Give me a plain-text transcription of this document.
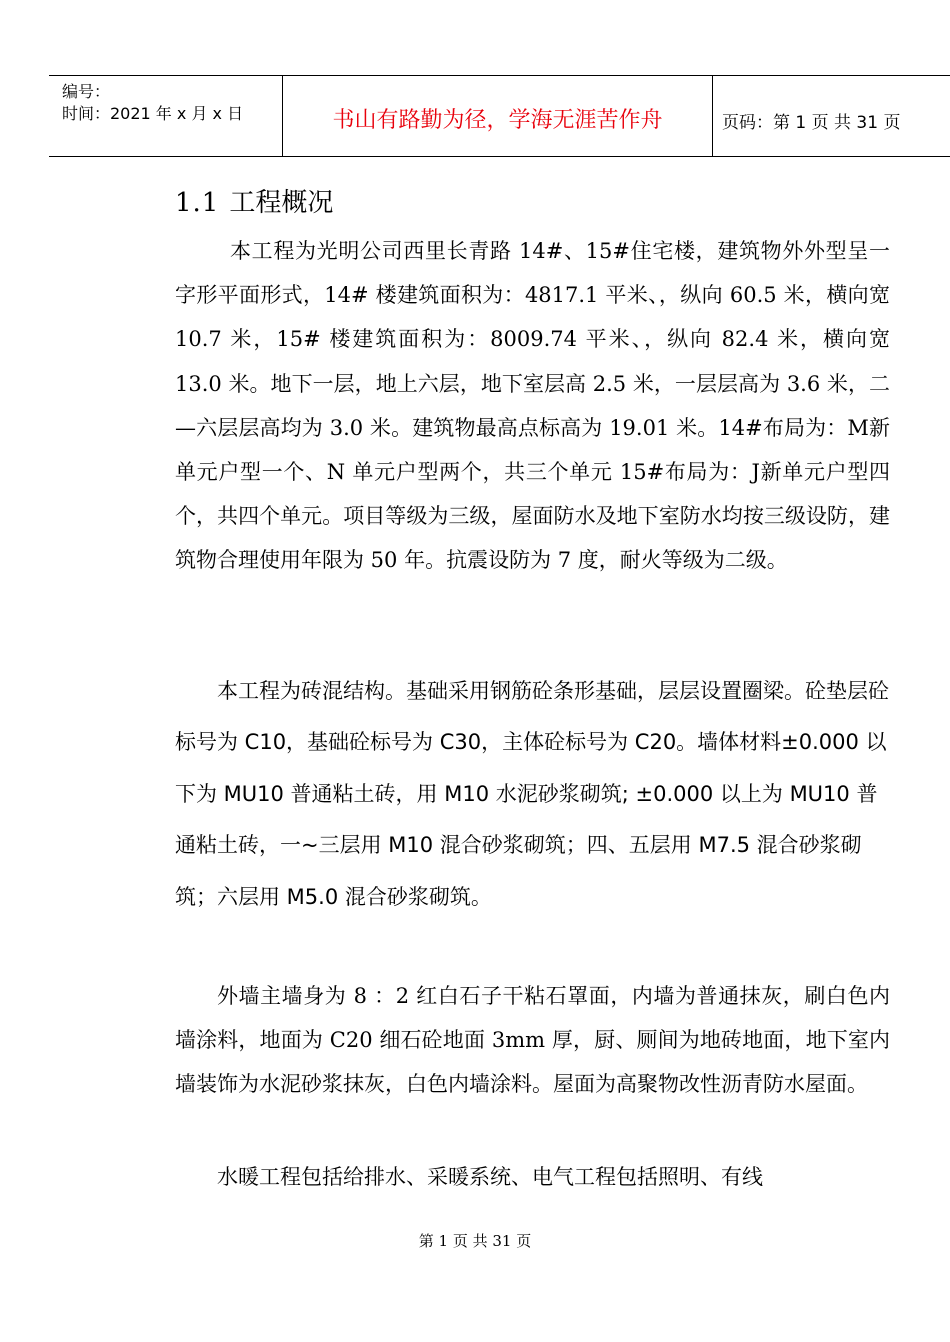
编号：
时间：2021 年 x 月 x 日	书山有路勤为径，学海无涯苦作舟	页码：第 1 页 共 31 页
1.1 工程概况

本工程为光明公司西里长青路 14#、15#住宅楼，建筑物外外型呈一字形平面形式，14# 楼建筑面积为：4817.1 平米、，纵向 60.5 米，横向宽 10.7 米，15# 楼建筑面积为：8009.74 平米、，纵向 82.4 米，横向宽 13.0 米。地下一层，地上六层，地下室层高 2.5 米，一层层高为 3.6 米，二—六层层高均为 3.0 米。建筑物最高点标高为 19.01 米。14#布局为：M新单元户型一个、N 单元户型两个，共三个单元 15#布局为：J新单元户型四个，共四个单元。项目等级为三级，屋面防水及地下室防水均按三级设防，建筑物合理使用年限为 50 年。抗震设防为 7 度，耐火等级为二级。

本工程为砖混结构。基础采用钢筋砼条形基础，层层设置圈梁。砼垫层砼标号为 C10，基础砼标号为 C30，主体砼标号为 C20。墙体材料±0.000 以下为 MU10 普通粘土砖，用 M10 水泥砂浆砌筑; ±0.000 以上为 MU10 普通粘土砖，一~三层用 M10 混合砂浆砌筑；四、五层用 M7.5 混合砂浆砌筑；六层用 M5.0 混合砂浆砌筑。

外墙主墙身为 8 ：2 红白石子干粘石罩面，内墙为普通抹灰，刷白色内墙涂料，地面为 C20 细石砼地面 3mm 厚，厨、厕间为地砖地面，地下室内墙装饰为水泥砂浆抹灰，白色内墙涂料。屋面为高聚物改性沥青防水屋面。

水暖工程包括给排水、采暖系统、电气工程包括照明、有线

第 1 页 共 31 页
